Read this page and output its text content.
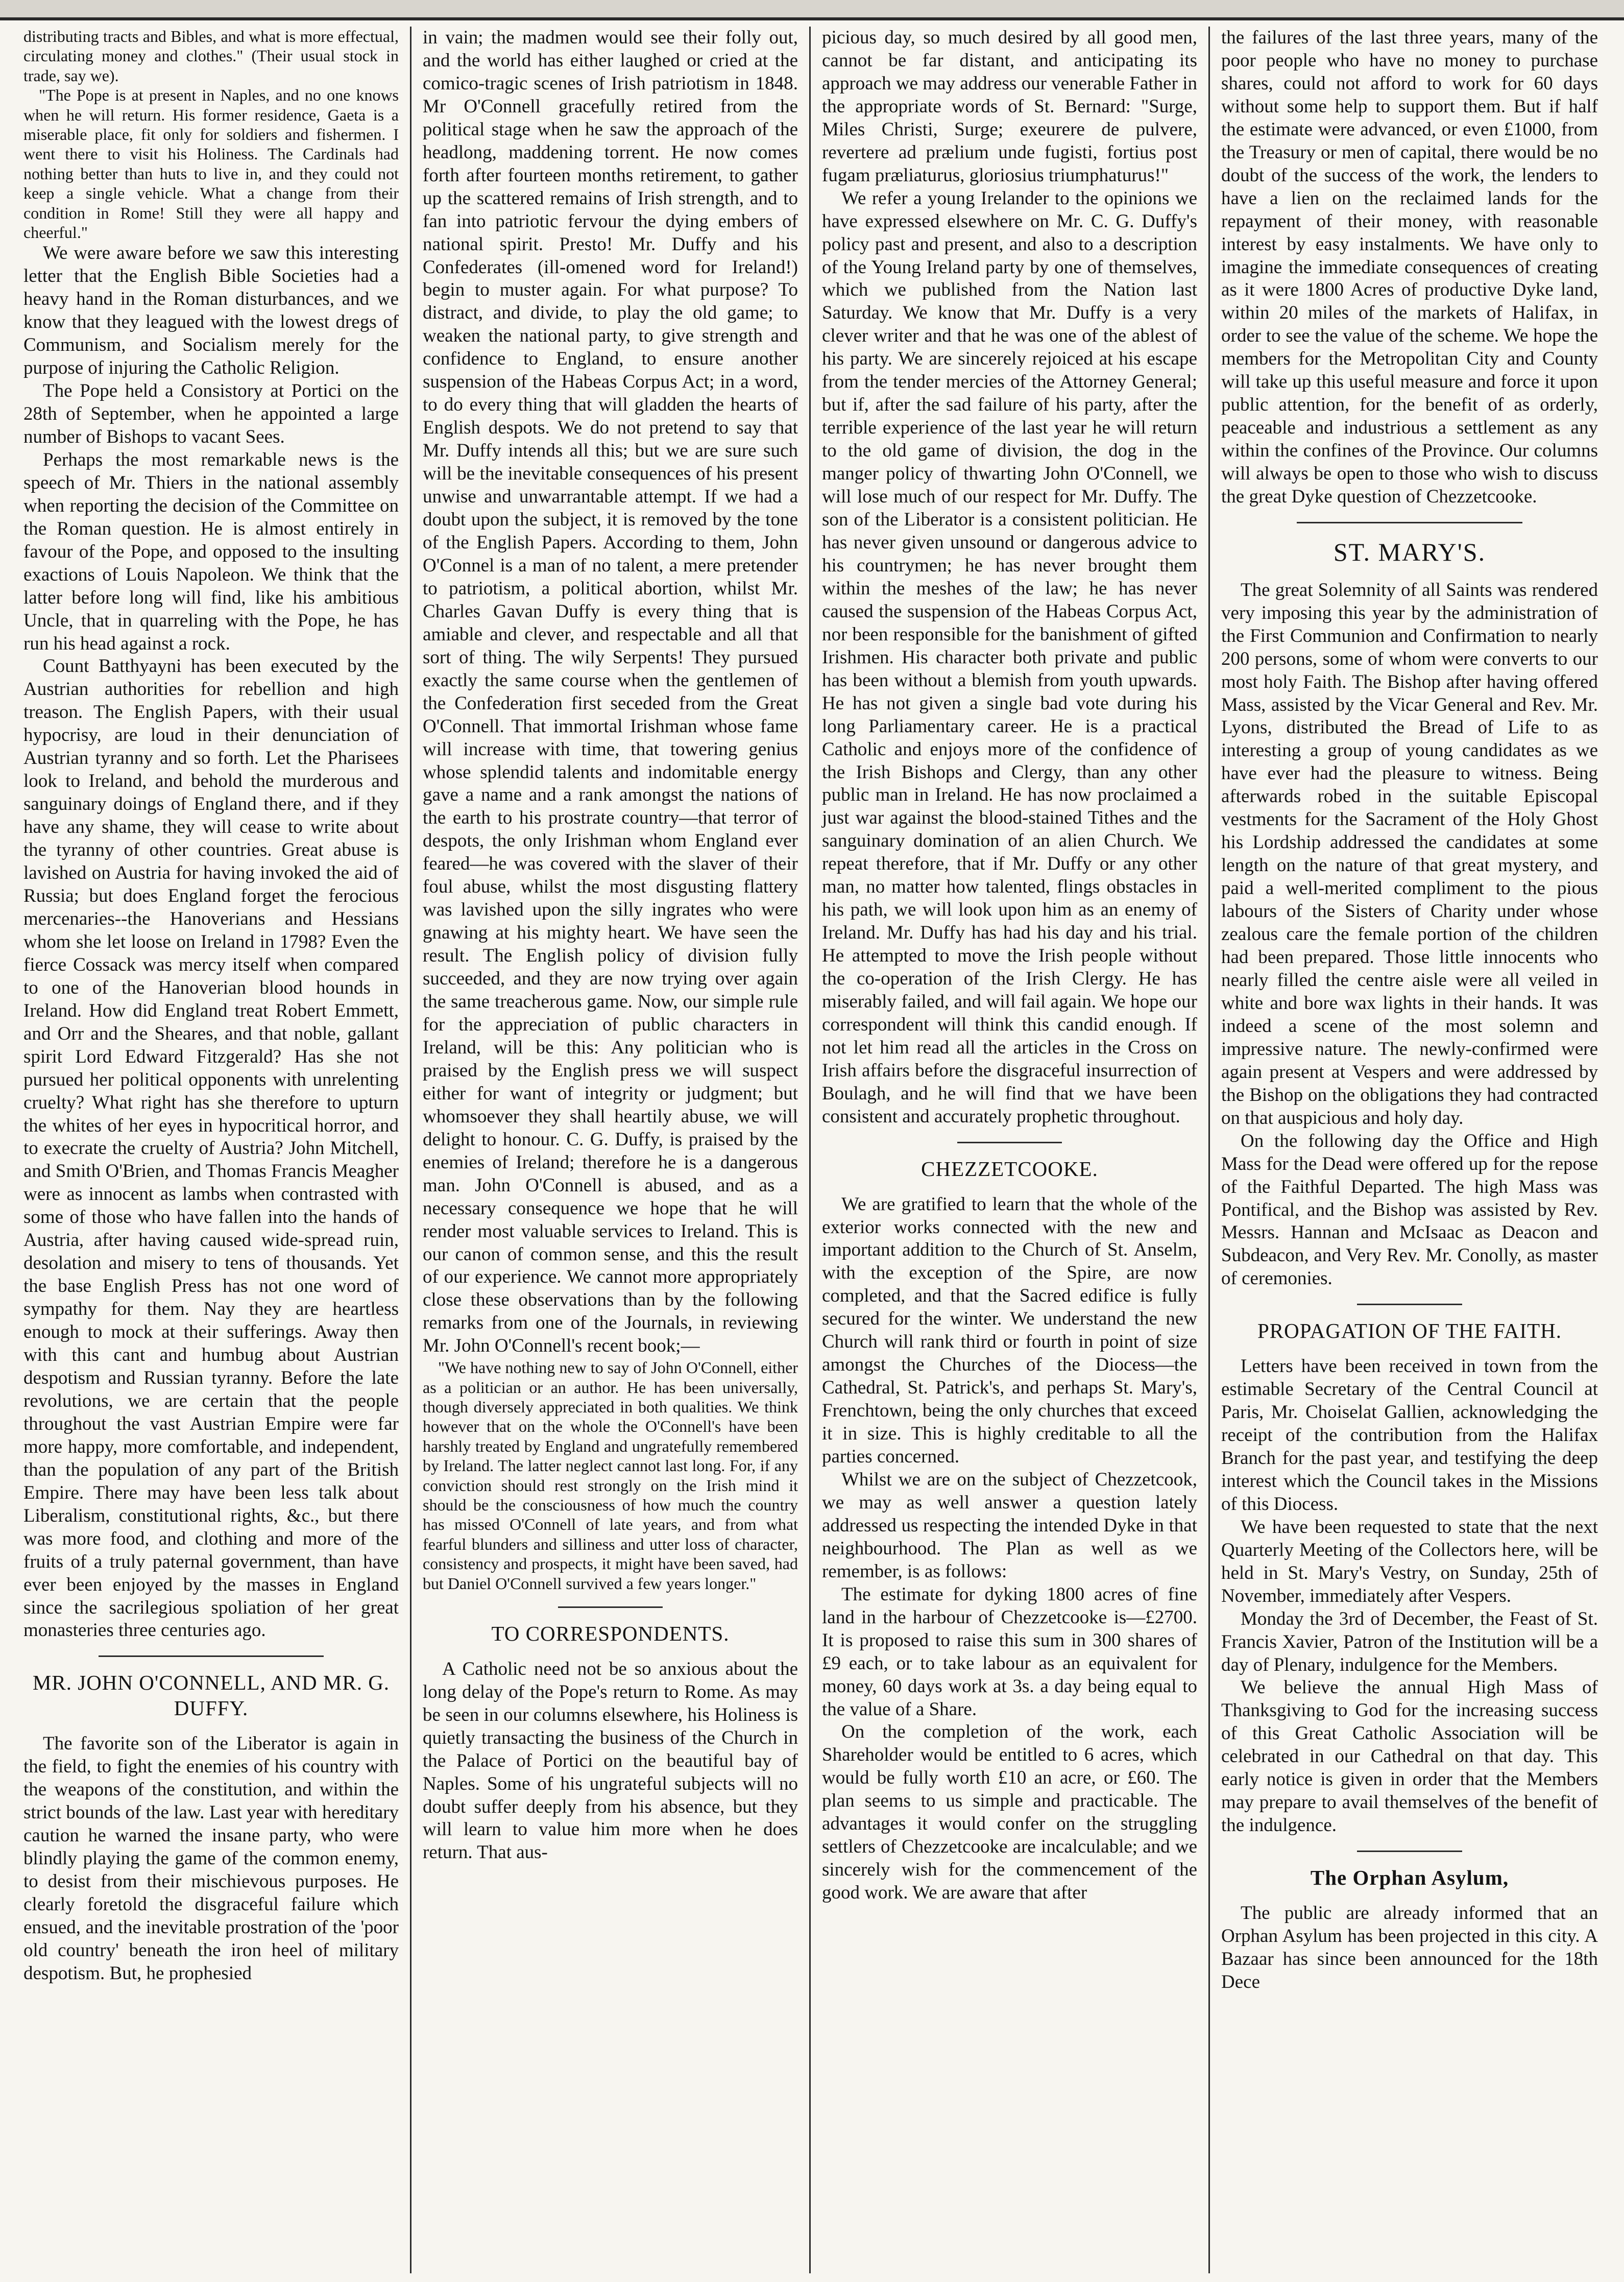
distributing tracts and Bibles, and what is more effectual, circulating money and clothes." (Their usual stock in trade, say we).

"The Pope is at present in Naples, and no one knows when he will return. His former residence, Gaeta is a miserable place, fit only for soldiers and fishermen. I went there to visit his Holiness. The Cardinals had nothing better than huts to live in, and they could not keep a single vehicle. What a change from their condition in Rome! Still they were all happy and cheerful."

We were aware before we saw this interesting letter that the English Bible Societies had a heavy hand in the Roman disturbances, and we know that they leagued with the lowest dregs of Communism, and Socialism merely for the purpose of injuring the Catholic Religion.

The Pope held a Consistory at Portici on the 28th of September, when he appointed a large number of Bishops to vacant Sees.

Perhaps the most remarkable news is the speech of Mr. Thiers in the national assembly when reporting the decision of the Committee on the Roman question. He is almost entirely in favour of the Pope, and opposed to the insulting exactions of Louis Napoleon. We think that the latter before long will find, like his ambitious Uncle, that in quarreling with the Pope, he has run his head against a rock.

Count Batthyayni has been executed by the Austrian authorities for rebellion and high treason. The English Papers, with their usual hypocrisy, are loud in their denunciation of Austrian tyranny and so forth. Let the Pharisees look to Ireland, and behold the murderous and sanguinary doings of England there, and if they have any shame, they will cease to write about the tyranny of other countries. Great abuse is lavished on Austria for having invoked the aid of Russia; but does England forget the ferocious mercenaries--the Hanoverians and Hessians whom she let loose on Ireland in 1798? Even the fierce Cossack was mercy itself when compared to one of the Hanoverian blood hounds in Ireland. How did England treat Robert Emmett, and Orr and the Sheares, and that noble, gallant spirit Lord Edward Fitzgerald? Has she not pursued her political opponents with unrelenting cruelty? What right has she therefore to upturn the whites of her eyes in hypocritical horror, and to execrate the cruelty of Austria? John Mitchell, and Smith O'Brien, and Thomas Francis Meagher were as innocent as lambs when contrasted with some of those who have fallen into the hands of Austria, after having caused wide-spread ruin, desolation and misery to tens of thousands. Yet the base English Press has not one word of sympathy for them. Nay they are heartless enough to mock at their sufferings. Away then with this cant and humbug about Austrian despotism and Russian tyranny. Before the late revolutions, we are certain that the people throughout the vast Austrian Empire were far more happy, more comfortable, and independent, than the population of any part of the British Empire. There may have been less talk about Liberalism, constitutional rights, &c., but there was more food, and clothing and more of the fruits of a truly paternal government, than have ever been enjoyed by the masses in England since the sacrilegious spoliation of her great monasteries three centuries ago.

MR. JOHN O'CONNELL, AND MR. G. DUFFY.

The favorite son of the Liberator is again in the field, to fight the enemies of his country with the weapons of the constitution, and within the strict bounds of the law. Last year with hereditary caution he warned the insane party, who were blindly playing the game of the common enemy, to desist from their mischievous purposes. He clearly foretold the disgraceful failure which ensued, and the inevitable prostration of the 'poor old country' beneath the iron heel of military despotism. But, he prophesied

in vain; the madmen would see their folly out, and the world has either laughed or cried at the comico-tragic scenes of Irish patriotism in 1848. Mr O'Connell gracefully retired from the political stage when he saw the approach of the headlong, maddening torrent. He now comes forth after fourteen months retirement, to gather up the scattered remains of Irish strength, and to fan into patriotic fervour the dying embers of national spirit. Presto! Mr. Duffy and his Confederates (ill-omened word for Ireland!) begin to muster again. For what purpose? To distract, and divide, to play the old game; to weaken the national party, to give strength and confidence to England, to ensure another suspension of the Habeas Corpus Act; in a word, to do every thing that will gladden the hearts of English despots. We do not pretend to say that Mr. Duffy intends all this; but we are sure such will be the inevitable consequences of his present unwise and unwarrantable attempt. If we had a doubt upon the subject, it is removed by the tone of the English Papers. According to them, John O'Connel is a man of no talent, a mere pretender to patriotism, a political abortion, whilst Mr. Charles Gavan Duffy is every thing that is amiable and clever, and respectable and all that sort of thing. The wily Serpents! They pursued exactly the same course when the gentlemen of the Confederation first seceded from the Great O'Connell. That immortal Irishman whose fame will increase with time, that towering genius whose splendid talents and indomitable energy gave a name and a rank amongst the nations of the earth to his prostrate country—that terror of despots, the only Irishman whom England ever feared—he was covered with the slaver of their foul abuse, whilst the most disgusting flattery was lavished upon the silly ingrates who were gnawing at his mighty heart. We have seen the result. The English policy of division fully succeeded, and they are now trying over again the same treacherous game. Now, our simple rule for the appreciation of public characters in Ireland, will be this: Any politician who is praised by the English press we will suspect either for want of integrity or judgment; but whomsoever they shall heartily abuse, we will delight to honour. C. G. Duffy, is praised by the enemies of Ireland; therefore he is a dangerous man. John O'Connell is abused, and as a necessary consequence we hope that he will render most valuable services to Ireland. This is our canon of common sense, and this the result of our experience. We cannot more appropriately close these observations than by the following remarks from one of the Journals, in reviewing Mr. John O'Connell's recent book;—

"We have nothing new to say of John O'Connell, either as a politician or an author. He has been universally, though diversely appreciated in both qualities. We think however that on the whole the O'Connell's have been harshly treated by England and ungratefully remembered by Ireland. The latter neglect cannot last long. For, if any conviction should rest strongly on the Irish mind it should be the consciousness of how much the country has missed O'Connell of late years, and from what fearful blunders and silliness and utter loss of character, consistency and prospects, it might have been saved, had but Daniel O'Connell survived a few years longer."

TO CORRESPONDENTS.

A Catholic need not be so anxious about the long delay of the Pope's return to Rome. As may be seen in our columns elsewhere, his Holiness is quietly transacting the business of the Church in the Palace of Portici on the beautiful bay of Naples. Some of his ungrateful subjects will no doubt suffer deeply from his absence, but they will learn to value him more when he does return. That aus-

picious day, so much desired by all good men, cannot be far distant, and anticipating its approach we may address our venerable Father in the appropriate words of St. Bernard: "Surge, Miles Christi, Surge; exeurere de pulvere, revertere ad prælium unde fugisti, fortius post fugam præliaturus, gloriosius triumphaturus!"

We refer a young Irelander to the opinions we have expressed elsewhere on Mr. C. G. Duffy's policy past and present, and also to a description of the Young Ireland party by one of themselves, which we published from the Nation last Saturday. We know that Mr. Duffy is a very clever writer and that he was one of the ablest of his party. We are sincerely rejoiced at his escape from the tender mercies of the Attorney General; but if, after the sad failure of his party, after the terrible experience of the last year he will return to the old game of division, the dog in the manger policy of thwarting John O'Connell, we will lose much of our respect for Mr. Duffy. The son of the Liberator is a consistent politician. He has never given unsound or dangerous advice to his countrymen; he has never brought them within the meshes of the law; he has never caused the suspension of the Habeas Corpus Act, nor been responsible for the banishment of gifted Irishmen. His character both private and public has been without a blemish from youth upwards. He has not given a single bad vote during his long Parliamentary career. He is a practical Catholic and enjoys more of the confidence of the Irish Bishops and Clergy, than any other public man in Ireland. He has now proclaimed a just war against the blood-stained Tithes and the sanguinary domination of an alien Church. We repeat therefore, that if Mr. Duffy or any other man, no matter how talented, flings obstacles in his path, we will look upon him as an enemy of Ireland. Mr. Duffy has had his day and his trial. He attempted to move the Irish people without the co-operation of the Irish Clergy. He has miserably failed, and will fail again. We hope our correspondent will think this candid enough. If not let him read all the articles in the Cross on Irish affairs before the disgraceful insurrection of Boulagh, and he will find that we have been consistent and accurately prophetic throughout.

CHEZZETCOOKE.

We are gratified to learn that the whole of the exterior works connected with the new and important addition to the Church of St. Anselm, with the exception of the Spire, are now completed, and that the Sacred edifice is fully secured for the winter. We understand the new Church will rank third or fourth in point of size amongst the Churches of the Diocess—the Cathedral, St. Patrick's, and perhaps St. Mary's, Frenchtown, being the only churches that exceed it in size. This is highly creditable to all the parties concerned.

Whilst we are on the subject of Chezzetcook, we may as well answer a question lately addressed us respecting the intended Dyke in that neighbourhood. The Plan as well as we remember, is as follows:

The estimate for dyking 1800 acres of fine land in the harbour of Chezzetcooke is—£2700. It is proposed to raise this sum in 300 shares of £9 each, or to take labour as an equivalent for money, 60 days work at 3s. a day being equal to the value of a Share.

On the completion of the work, each Shareholder would be entitled to 6 acres, which would be fully worth £10 an acre, or £60. The plan seems to us simple and practicable. The advantages it would confer on the struggling settlers of Chezzetcooke are incalculable; and we sincerely wish for the commencement of the good work. We are aware that after

the failures of the last three years, many of the poor people who have no money to purchase shares, could not afford to work for 60 days without some help to support them. But if half the estimate were advanced, or even £1000, from the Treasury or men of capital, there would be no doubt of the success of the work, the lenders to have a lien on the reclaimed lands for the repayment of their money, with reasonable interest by easy instalments. We have only to imagine the immediate consequences of creating as it were 1800 Acres of productive Dyke land, within 20 miles of the markets of Halifax, in order to see the value of the scheme. We hope the members for the Metropolitan City and County will take up this useful measure and force it upon public attention, for the benefit of as orderly, peaceable and industrious a settlement as any within the confines of the Province. Our columns will always be open to those who wish to discuss the great Dyke question of Chezzetcooke.

ST. MARY'S.

The great Solemnity of all Saints was rendered very imposing this year by the administration of the First Communion and Confirmation to nearly 200 persons, some of whom were converts to our most holy Faith. The Bishop after having offered Mass, assisted by the Vicar General and Rev. Mr. Lyons, distributed the Bread of Life to as interesting a group of young candidates as we have ever had the pleasure to witness. Being afterwards robed in the suitable Episcopal vestments for the Sacrament of the Holy Ghost his Lordship addressed the candidates at some length on the nature of that great mystery, and paid a well-merited compliment to the pious labours of the Sisters of Charity under whose zealous care the female portion of the children had been prepared. Those little innocents who nearly filled the centre aisle were all veiled in white and bore wax lights in their hands. It was indeed a scene of the most solemn and impressive nature. The newly-confirmed were again present at Vespers and were addressed by the Bishop on the obligations they had contracted on that auspicious and holy day.

On the following day the Office and High Mass for the Dead were offered up for the repose of the Faithful Departed. The high Mass was Pontifical, and the Bishop was assisted by Rev. Messrs. Hannan and McIsaac as Deacon and Subdeacon, and Very Rev. Mr. Conolly, as master of ceremonies.

PROPAGATION OF THE FAITH.

Letters have been received in town from the estimable Secretary of the Central Council at Paris, Mr. Choiselat Gallien, acknowledging the receipt of the contribution from the Halifax Branch for the past year, and testifying the deep interest which the Council takes in the Missions of this Diocess.

We have been requested to state that the next Quarterly Meeting of the Collectors here, will be held in St. Mary's Vestry, on Sunday, 25th of November, immediately after Vespers.

Monday the 3rd of December, the Feast of St. Francis Xavier, Patron of the Institution will be a day of Plenary, indulgence for the Members.

We believe the annual High Mass of Thanksgiving to God for the increasing success of this Great Catholic Association will be celebrated in our Cathedral on that day. This early notice is given in order that the Members may prepare to avail themselves of the benefit of the indulgence.

The Orphan Asylum,

The public are already informed that an Orphan Asylum has been projected in this city. A Bazaar has since been announced for the 18th Dece
